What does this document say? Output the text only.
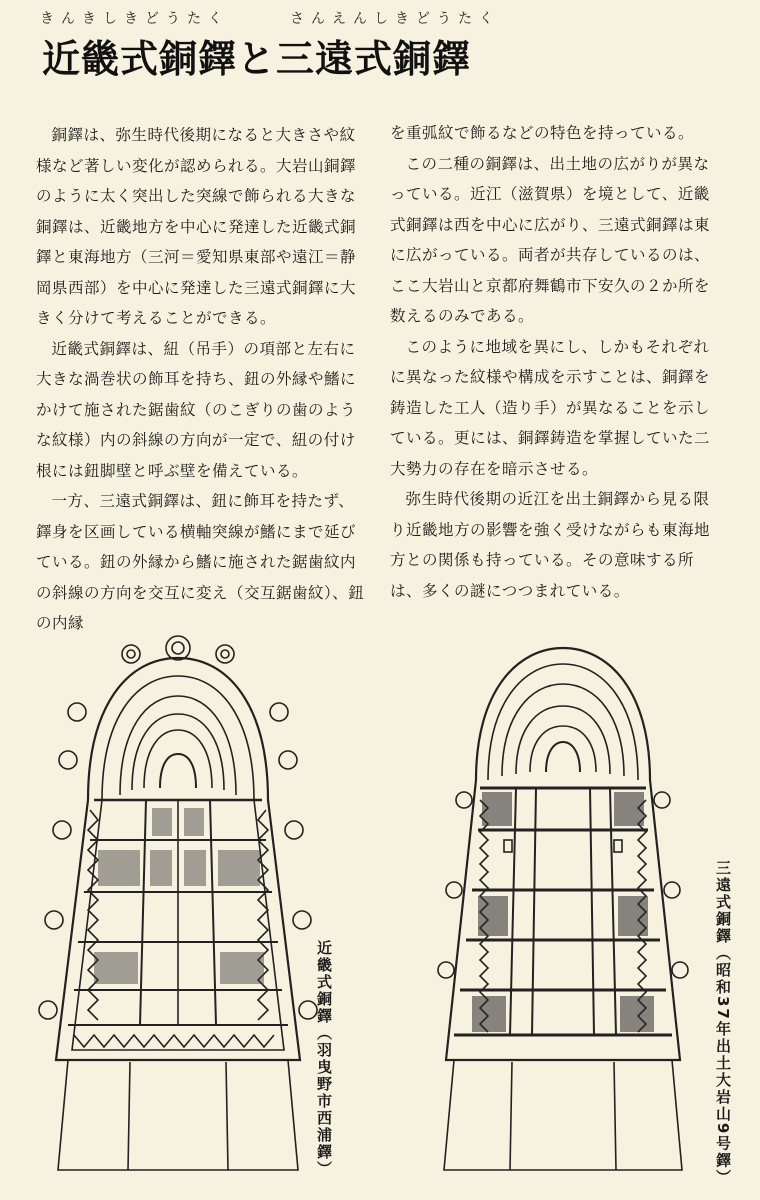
きんきしきどうたく	さんえんしきどうたく
近畿式銅鐸と三遠式銅鐸

銅鐸は、弥生時代後期になると大きさや紋様など著しい変化が認められる。大岩山銅鐸のように太く突出した突線で飾られる大きな銅鐸は、近畿地方を中心に発達した近畿式銅鐸と東海地方（三河＝愛知県東部や遠江＝静岡県西部）を中心に発達した三遠式銅鐸に大きく分けて考えることができる。

近畿式銅鐸は、紐（吊手）の項部と左右に大きな渦巻状の飾耳を持ち、鈕の外縁や鰭にかけて施された鋸歯紋（のこぎりの歯のような紋様）内の斜線の方向が一定で、紐の付け根には鈕脚壁と呼ぶ壁を備えている。

一方、三遠式銅鐸は、鈕に飾耳を持たず、鐸身を区画している横軸突線が鰭にまで延びている。鈕の外縁から鰭に施された鋸歯紋内の斜線の方向を交互に変え（交互鋸歯紋）、鈕の内縁

を重弧紋で飾るなどの特色を持っている。

この二種の銅鐸は、出土地の広がりが異なっている。近江（滋賀県）を境として、近畿式銅鐸は西を中心に広がり、三遠式銅鐸は東に広がっている。両者が共存しているのは、ここ大岩山と京都府舞鶴市下安久の２か所を数えるのみである。

このように地域を異にし、しかもそれぞれに異なった紋様や構成を示すことは、銅鐸を鋳造した工人（造り手）が異なることを示している。更には、銅鐸鋳造を掌握していた二大勢力の存在を暗示させる。

弥生時代後期の近江を出土銅鐸から見る限り近畿地方の影響を強く受けながらも東海地方との関係も持っている。その意味する所は、多くの謎につつまれている。

近畿式銅鐸（羽曳野市西浦鐸）	三遠式銅鐸（昭和37年出土大岩山9号鐸）
